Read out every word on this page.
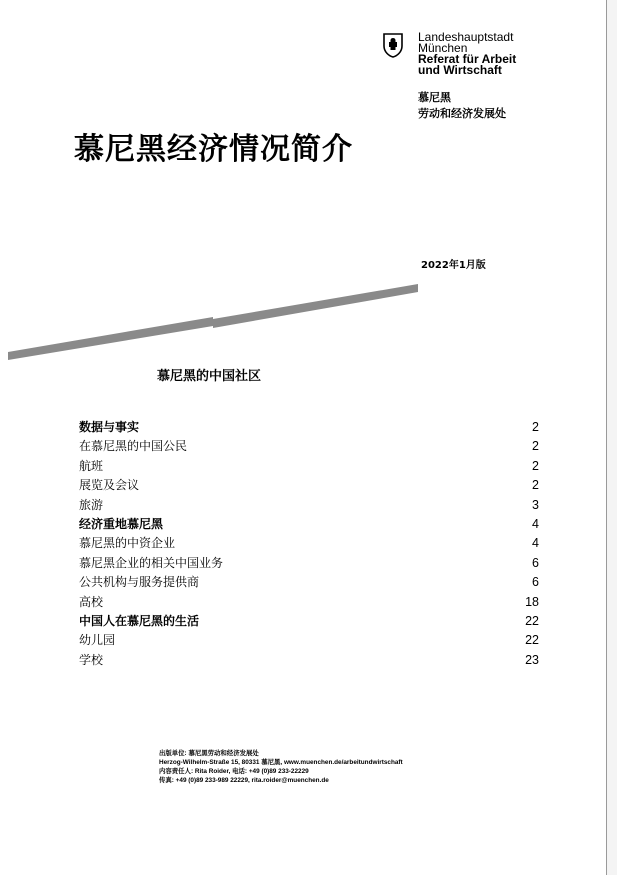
Landeshauptstadt
München
Referat für Arbeit
und Wirtschaft
慕尼黑
劳动和经济发展处
慕尼黑经济情况简介
2022年1月版
慕尼黑的中国社区
数据与事实	2
在慕尼黑的中国公民	2
航班	2
展览及会议	2
旅游	3
经济重地慕尼黑	4
慕尼黑的中资企业	4
慕尼黑企业的相关中国业务	6
公共机构与服务提供商	6
高校	18
中国人在慕尼黑的生活	22
幼儿园	22
学校	23
出版单位: 慕尼黑劳动和经济发展处
Herzog-Wilhelm-Straße 15, 80331 慕尼黑, www.muenchen.de/arbeitundwirtschaft
内容责任人: Rita Roider, 电话: +49 (0)89 233-22229
传真: +49 (0)89 233-989 22229, rita.roider@muenchen.de
